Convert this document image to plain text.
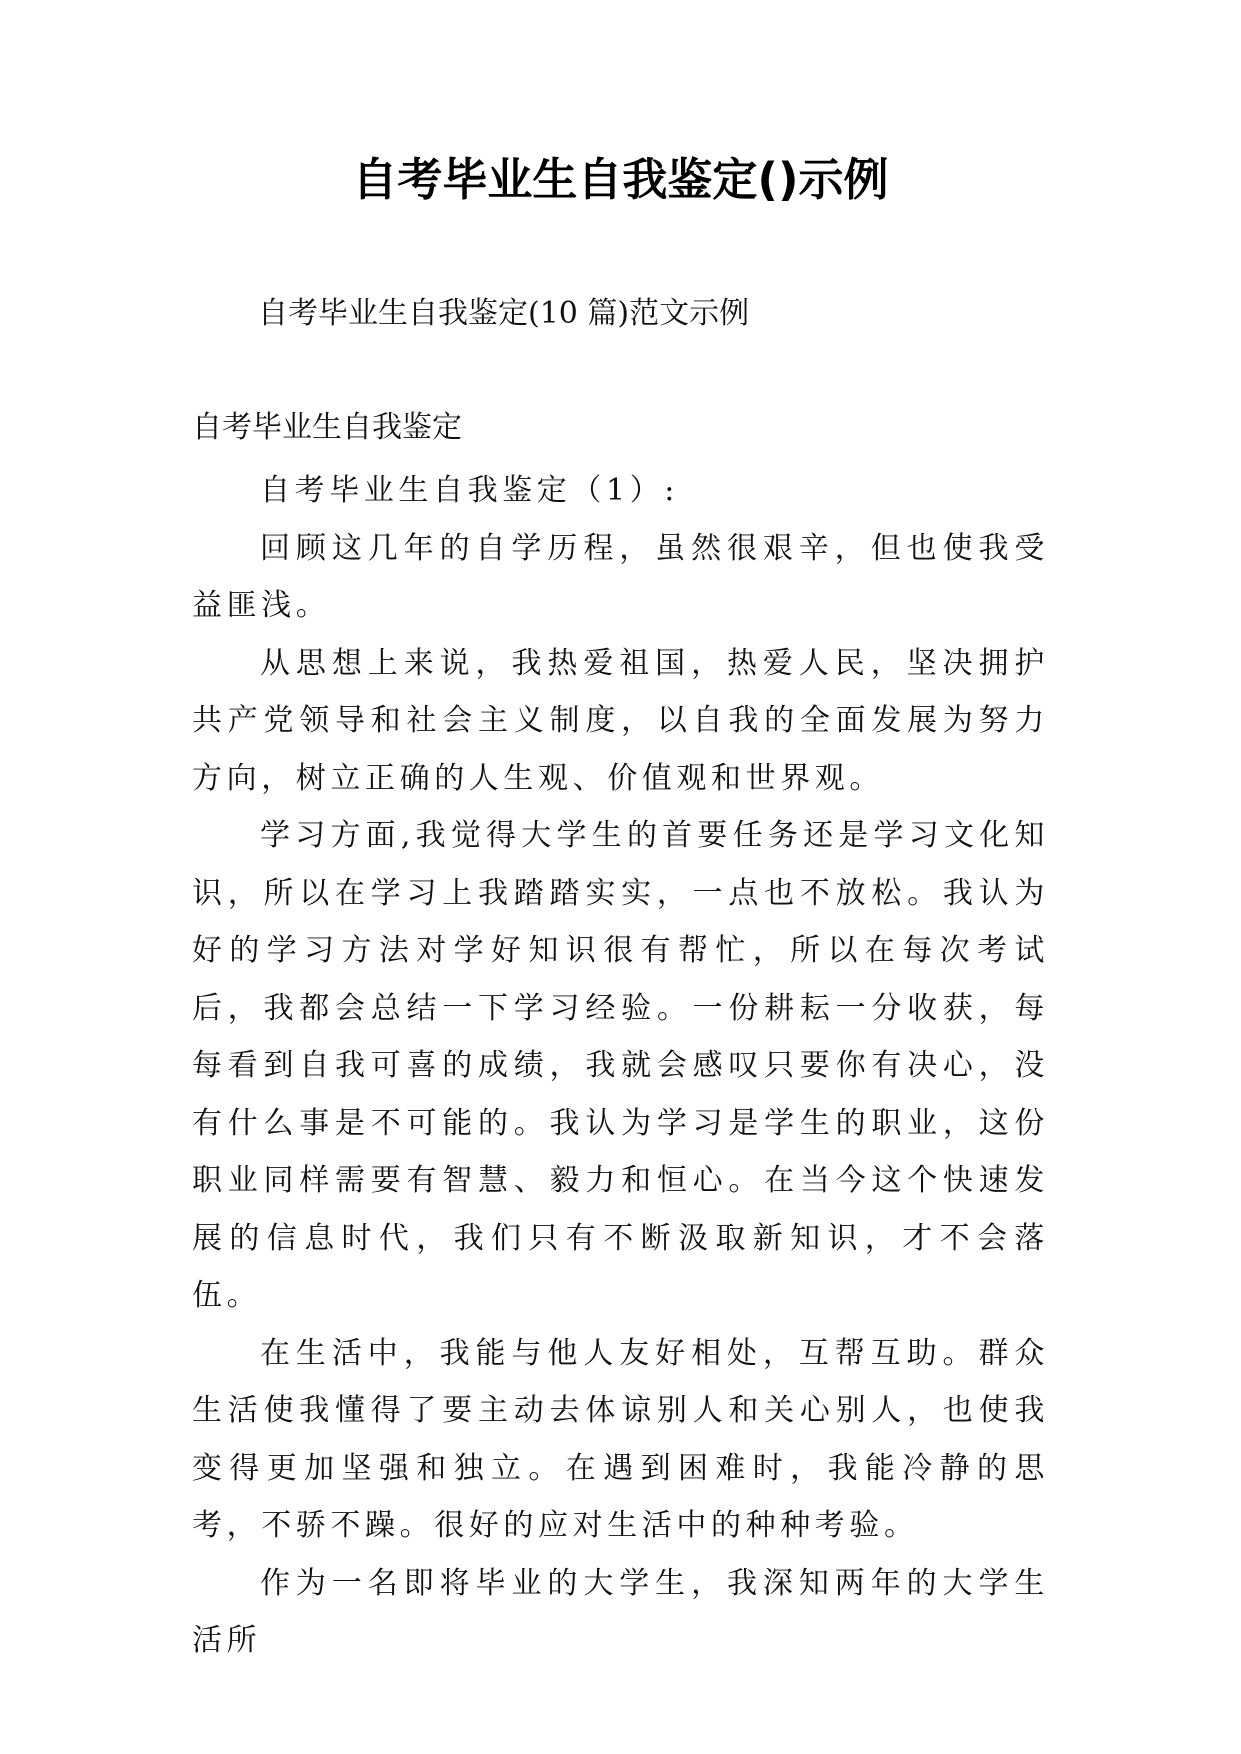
自考毕业生自我鉴定()示例
自考毕业生自我鉴定(10 篇)范文示例
自考毕业生自我鉴定

自考毕业生自我鉴定（1）:

回顾这几年的自学历程，虽然很艰辛，但也使我受益匪浅。

从思想上来说，我热爱祖国，热爱人民，坚决拥护共产党领导和社会主义制度，以自我的全面发展为努力方向，树立正确的人生观、价值观和世界观。

学习方面,我觉得大学生的首要任务还是学习文化知识，所以在学习上我踏踏实实，一点也不放松。我认为好的学习方法对学好知识很有帮忙，所以在每次考试后，我都会总结一下学习经验。一份耕耘一分收获，每每看到自我可喜的成绩，我就会感叹只要你有决心，没有什么事是不可能的。我认为学习是学生的职业，这份职业同样需要有智慧、毅力和恒心。在当今这个快速发展的信息时代，我们只有不断汲取新知识，才不会落伍。

在生活中，我能与他人友好相处，互帮互助。群众生活使我懂得了要主动去体谅别人和关心别人，也使我变得更加坚强和独立。在遇到困难时，我能冷静的思考，不骄不躁。很好的应对生活中的种种考验。

作为一名即将毕业的大学生，我深知两年的大学生活所
